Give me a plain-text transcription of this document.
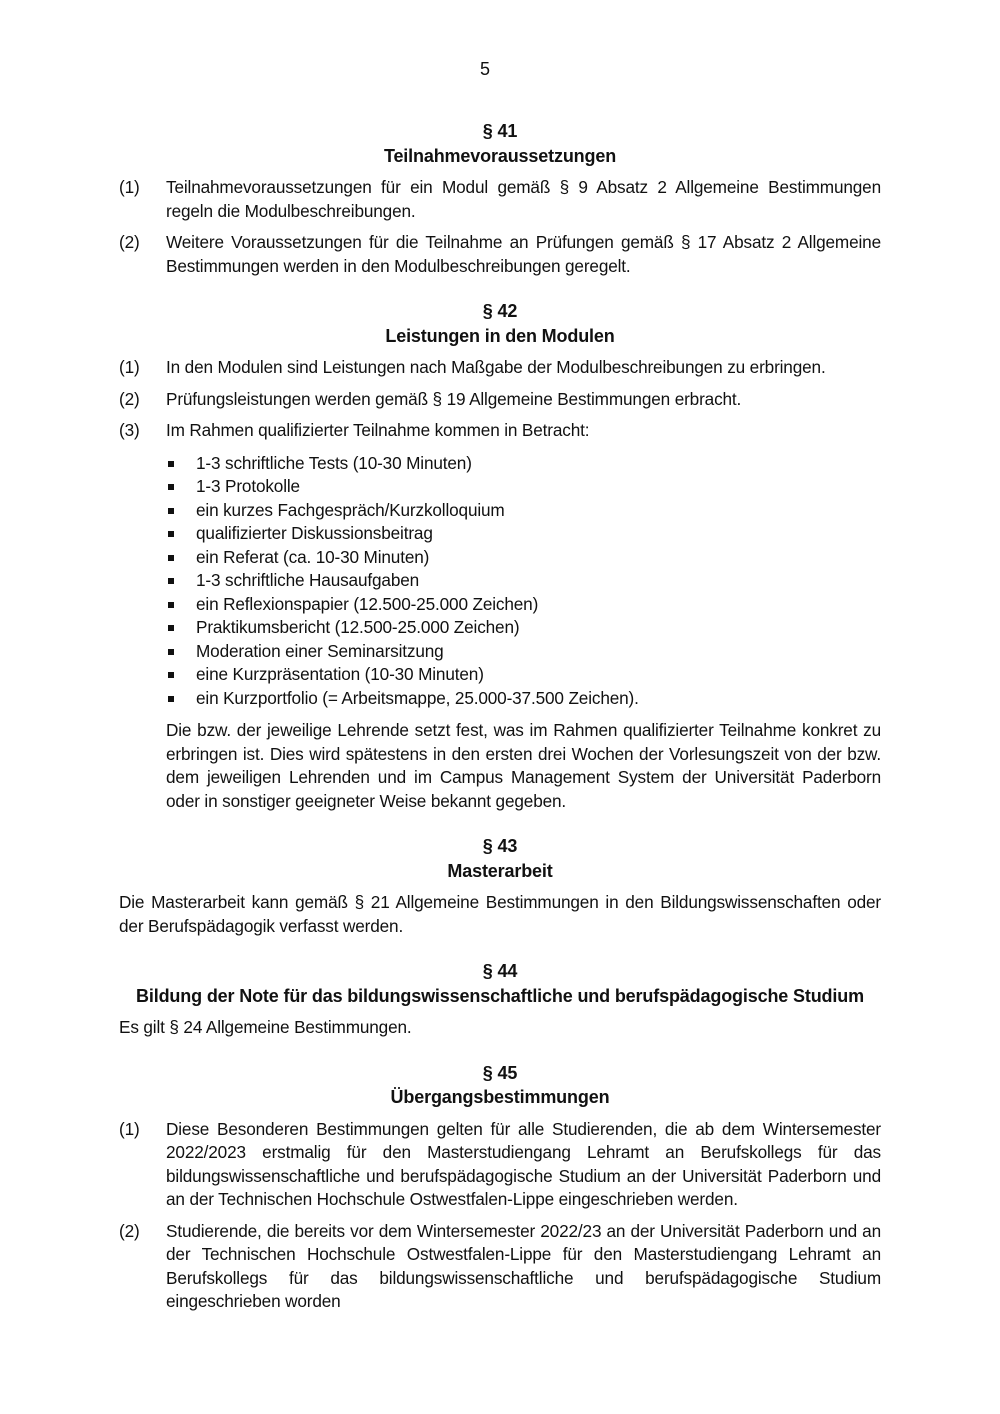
5
§ 41
Teilnahmevoraussetzungen
(1)	Teilnahmevoraussetzungen für ein Modul gemäß § 9 Absatz 2 Allgemeine Bestimmungen regeln die Modulbeschreibungen.
(2)	Weitere Voraussetzungen für die Teilnahme an Prüfungen gemäß § 17 Absatz 2 Allgemeine Bestimmungen werden in den Modulbeschreibungen geregelt.
§ 42
Leistungen in den Modulen
(1)	In den Modulen sind Leistungen nach Maßgabe der Modulbeschreibungen zu erbringen.
(2)	Prüfungsleistungen werden gemäß § 19 Allgemeine Bestimmungen erbracht.
(3)	Im Rahmen qualifizierter Teilnahme kommen in Betracht:
1-3 schriftliche Tests (10-30 Minuten)
1-3 Protokolle
ein kurzes Fachgespräch/Kurzkolloquium
qualifizierter Diskussionsbeitrag
ein Referat (ca. 10-30 Minuten)
1-3 schriftliche Hausaufgaben
ein Reflexionspapier (12.500-25.000 Zeichen)
Praktikumsbericht (12.500-25.000 Zeichen)
Moderation einer Seminarsitzung
eine Kurzpräsentation (10-30 Minuten)
ein Kurzportfolio (= Arbeitsmappe, 25.000-37.500 Zeichen).
Die bzw. der jeweilige Lehrende setzt fest, was im Rahmen qualifizierter Teilnahme konkret zu erbringen ist. Dies wird spätestens in den ersten drei Wochen der Vorlesungszeit von der bzw. dem jeweiligen Lehrenden und im Campus Management System der Universität Paderborn oder in sonstiger geeigneter Weise bekannt gegeben.
§ 43
Masterarbeit
Die Masterarbeit kann gemäß § 21 Allgemeine Bestimmungen in den Bildungswissenschaften oder der Berufspädagogik verfasst werden.
§ 44
Bildung der Note für das bildungswissenschaftliche und berufspädagogische Studium
Es gilt § 24 Allgemeine Bestimmungen.
§ 45
Übergangsbestimmungen
(1)	Diese Besonderen Bestimmungen gelten für alle Studierenden, die ab dem Wintersemester 2022/2023 erstmalig für den Masterstudiengang Lehramt an Berufskollegs für das bildungswissenschaftliche und berufspädagogische Studium an der Universität Paderborn und an der Technischen Hochschule Ostwestfalen-Lippe eingeschrieben werden.
(2)	Studierende, die bereits vor dem Wintersemester 2022/23 an der Universität Paderborn und an der Technischen Hochschule Ostwestfalen-Lippe für den Masterstudiengang Lehramt an Berufskollegs für das bildungswissenschaftliche und berufspädagogische Studium eingeschrieben worden
